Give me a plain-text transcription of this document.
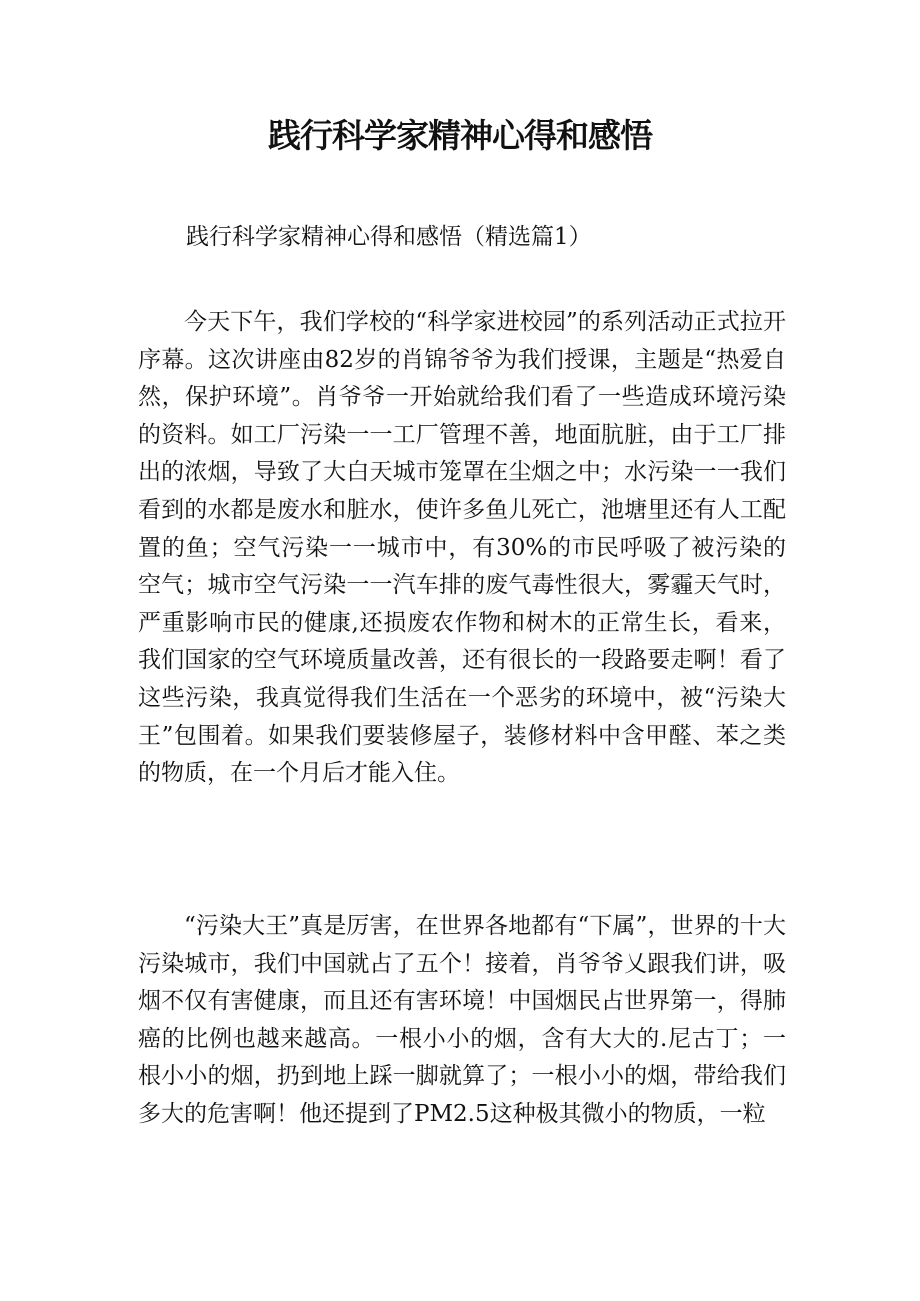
践行科学家精神心得和感悟
践行科学家精神心得和感悟（精选篇1）

今天下午，我们学校的“科学家进校园”的系列活动正式拉开序幕。这次讲座由82岁的肖锦爷爷为我们授课，主题是“热爱自然，保护环境”。肖爷爷一开始就给我们看了一些造成环境污染的资料。如工厂污染一一工厂管理不善，地面肮脏，由于工厂排出的浓烟，导致了大白天城市笼罩在尘烟之中；水污染一一我们看到的水都是废水和脏水，使许多鱼儿死亡，池塘里还有人工配置的鱼；空气污染一一城市中，有30%的市民呼吸了被污染的空气；城市空气污染一一汽车排的废气毒性很大，雾霾天气时，严重影响市民的健康,还损废农作物和树木的正常生长，看来，我们国家的空气环境质量改善，还有很长的一段路要走啊！看了这些污染，我真觉得我们生活在一个恶劣的环境中，被“污染大王”包围着。如果我们要装修屋子，装修材料中含甲醛、苯之类的物质，在一个月后才能入住。

“污染大王”真是厉害，在世界各地都有“下属”，世界的十大污染城市，我们中国就占了五个！接着，肖爷爷乂跟我们讲，吸烟不仅有害健康，而且还有害环境！中国烟民占世界第一，得肺癌的比例也越来越高。一根小小的烟，含有大大的.尼古丁；一根小小的烟，扔到地上踩一脚就算了；一根小小的烟，带给我们多大的危害啊！他还提到了PM2.5这种极其微小的物质，一粒
